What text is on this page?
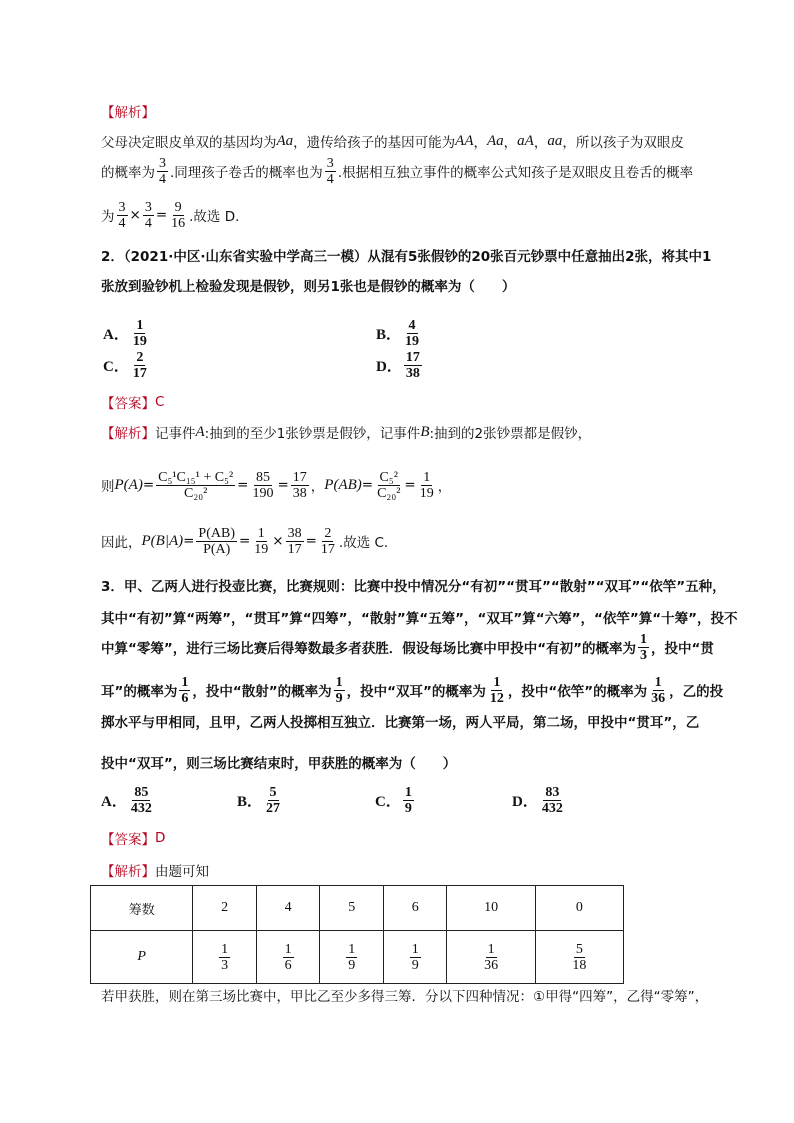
【解析】
父母决定眼皮单双的基因均为 Aa ，遗传给孩子的基因可能为 AA ， Aa ， aA ， aa ，所以孩子为双眼皮
的概率为 $\frac{3}{4}$ .同理孩子卷舌的概率也为 $\frac{3}{4}$ .根据相互独立事件的概率公式知孩子是双眼皮且卷舌的概率
为 $\frac{3}{4} \times \frac{3}{4} = \frac{9}{16}$ .故选 D.
2．（2021·中区·山东省实验中学高三一模）从混有5张假钞的20张百元钞票中任意抽出2张，将其中1
张放到验钞机上检验发现是假钞，则另1张也是假钞的概率为（　　）
【答案】 C
【解析】 记事件 A :抽到的至少1张钞票是假钞，记事件 B :抽到的2张钞票都是假钞，
则 $P(A) = \frac{\text{C₅¹C₁₅¹ + C₅²}}{\text{C₂₀²}} = \frac{85}{190} = \frac{17}{38}$ ， $P(AB) = \frac{\text{C₅²}}{\text{C₂₀²}} = \frac{1}{19}$ ，
因此， $P(B|A) = \frac{P(AB)}{P(A)} = \frac{1}{19} \times \frac{38}{17} = \frac{2}{17}$ .故选 C.
3．甲、乙两人进行投壶比赛，比赛规则：比赛中投中情况分“有初”“贯耳”“散射”“双耳”“依竿”五种，
其中“有初”算“两筹”，“贯耳”算“四筹”，“散射”算“五筹”，“双耳”算“六筹”，“依竿”算“十筹”，投不
中算“零筹”，进行三场比赛后得筹数最多者获胜．假设每场比赛中甲投中“有初”的概率为 $\frac{1}{3}$ ，投中“贯
耳”的概率为 $\frac{1}{6}$ ，投中“散射”的概率为 $\frac{1}{9}$ ，投中“双耳”的概率为 $\frac{1}{12}$ ，投中“依竿”的概率为 $\frac{1}{36}$ ，乙的投
掷水平与甲相同，且甲，乙两人投掷相互独立．比赛第一场，两人平局，第二场，甲投中“贯耳”，乙
投中“双耳”，则三场比赛结束时，甲获胜的概率为（　　）
【答案】 D
【解析】 由题可知
若甲获胜，则在第三场比赛中，甲比乙至少多得三筹．分以下四种情况：①甲得“四筹”，乙得“零筹”，
A． $\frac{1}{19}$	B． $\frac{4}{19}$
C． $\frac{2}{17}$	D． $\frac{17}{38}$
A． $\frac{85}{432}$	B． $\frac{5}{27}$	C． $\frac{1}{9}$	D． $\frac{83}{432}$
筹数	2	4	5	6	10	0
P	$\frac{1}{3}$	$\frac{1}{6}$	$\frac{1}{9}$	$\frac{1}{9}$	$\frac{1}{36}$	$\frac{5}{18}$
